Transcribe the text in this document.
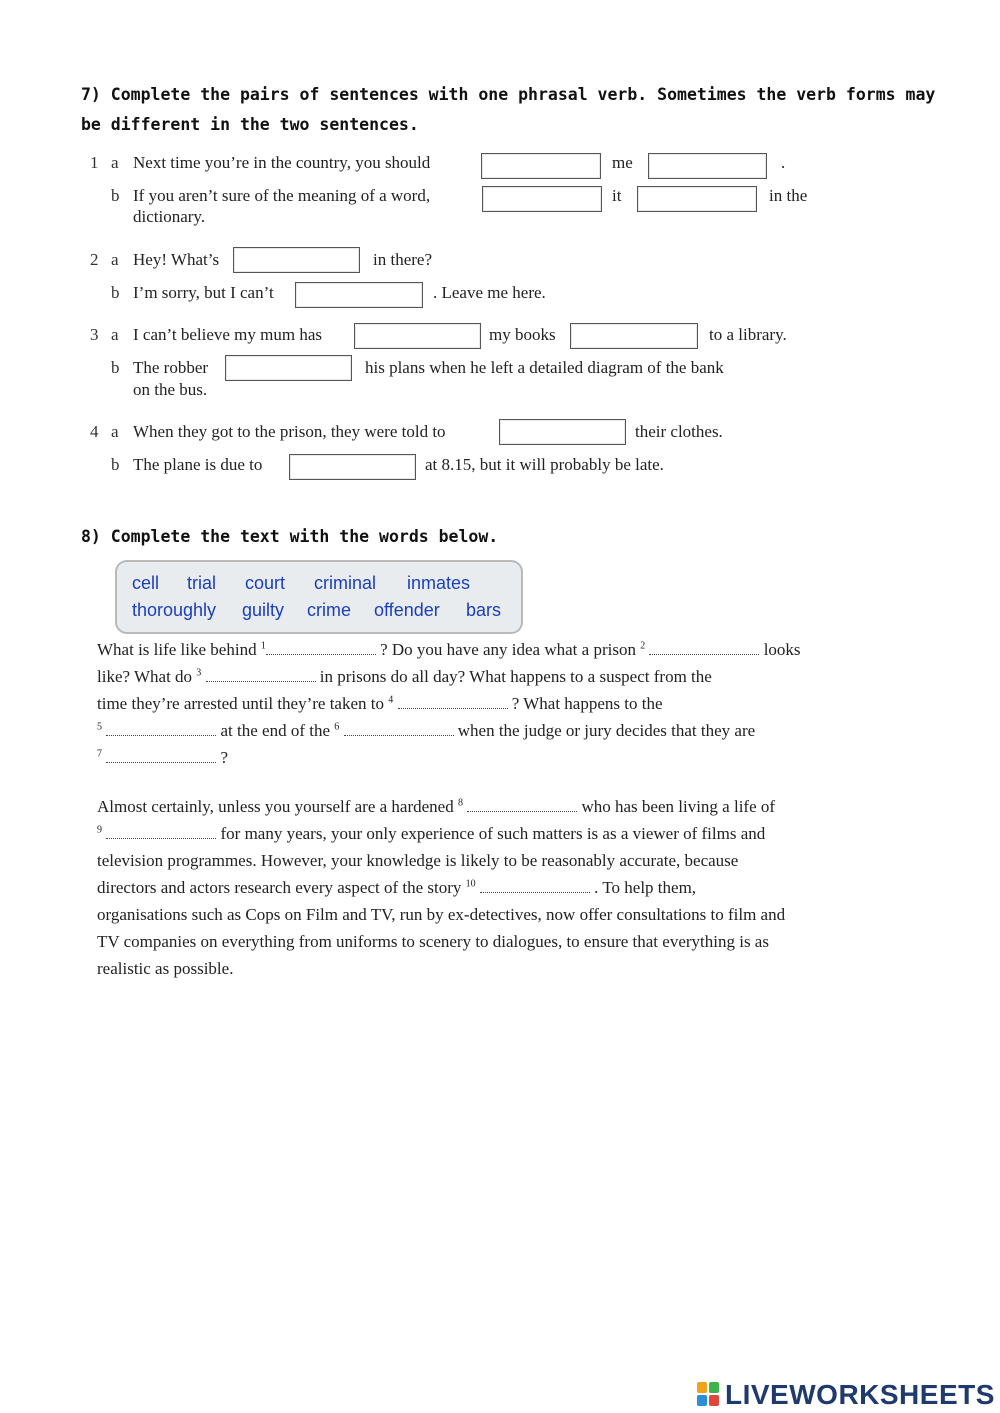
7) Complete the pairs of sentences with one phrasal verb. Sometimes the verb forms may
be different in the two sentences.
1 a Next time you’re in the country, you should	me	.
b If you aren’t sure of the meaning of a word,	it	in the
dictionary.
2 a Hey! What’s	in there?
b I’m sorry, but I can’t	. Leave me here.
3 a I can’t believe my mum has	my books	to a library.
b The robber	his plans when he left a detailed diagram of the bank
on the bus.
4 a When they got to the prison, they were told to	their clothes.
b The plane is due to	at 8.15, but it will probably be late.
8) Complete the text with the words below.
cell trial court criminal inmates
thoroughly guilty crime offender bars
What is life like behind $^1$	? Do you have any idea what a prison $^2$	looks
like? What do $^3$	in prisons do all day? What happens to a suspect from the
time they’re arrested until they’re taken to $^4$	? What happens to the
$^5$	at the end of the $^6$	when the judge or jury decides that they are
$^7$	?
Almost certainly, unless you yourself are a hardened $^8$	who has been living a life of
$^9$	for many years, your only experience of such matters is as a viewer of films and
television programmes. However, your knowledge is likely to be reasonably accurate, because
directors and actors research every aspect of the story $^{10}$	. To help them,
organisations such as Cops on Film and TV, run by ex-detectives, now offer consultations to film and
TV companies on everything from uniforms to scenery to dialogues, to ensure that everything is as
realistic as possible.
LIVEWORKSHEETS
